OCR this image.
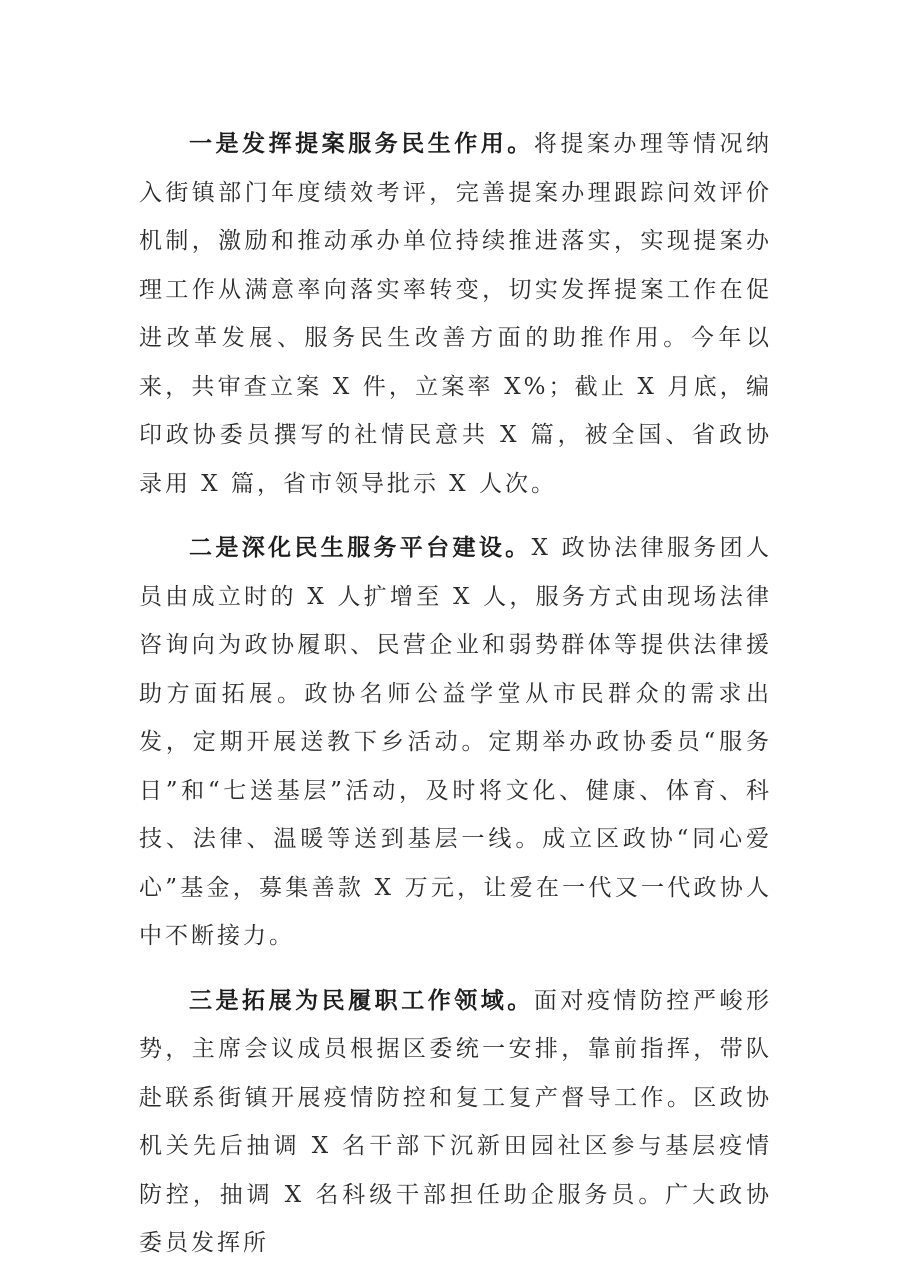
一是发挥提案服务民生作用。将提案办理等情况纳入街镇部门年度绩效考评，完善提案办理跟踪问效评价机制，激励和推动承办单位持续推进落实，实现提案办理工作从满意率向落实率转变，切实发挥提案工作在促进改革发展、服务民生改善方面的助推作用。今年以来，共审查立案 X 件，立案率 X%；截止 X 月底，编印政协委员撰写的社情民意共 X 篇，被全国、省政协录用 X 篇，省市领导批示 X 人次。

二是深化民生服务平台建设。X 政协法律服务团人员由成立时的 X 人扩增至 X 人，服务方式由现场法律咨询向为政协履职、民营企业和弱势群体等提供法律援助方面拓展。政协名师公益学堂从市民群众的需求出发，定期开展送教下乡活动。定期举办政协委员“服务日”和“七送基层”活动，及时将文化、健康、体育、科技、法律、温暖等送到基层一线。成立区政协“同心爱心”基金，募集善款 X 万元，让爱在一代又一代政协人中不断接力。

三是拓展为民履职工作领域。面对疫情防控严峻形势，主席会议成员根据区委统一安排，靠前指挥，带队赴联系街镇开展疫情防控和复工复产督导工作。区政协机关先后抽调 X 名干部下沉新田园社区参与基层疫情防控，抽调 X 名科级干部担任助企服务员。广大政协委员发挥所
